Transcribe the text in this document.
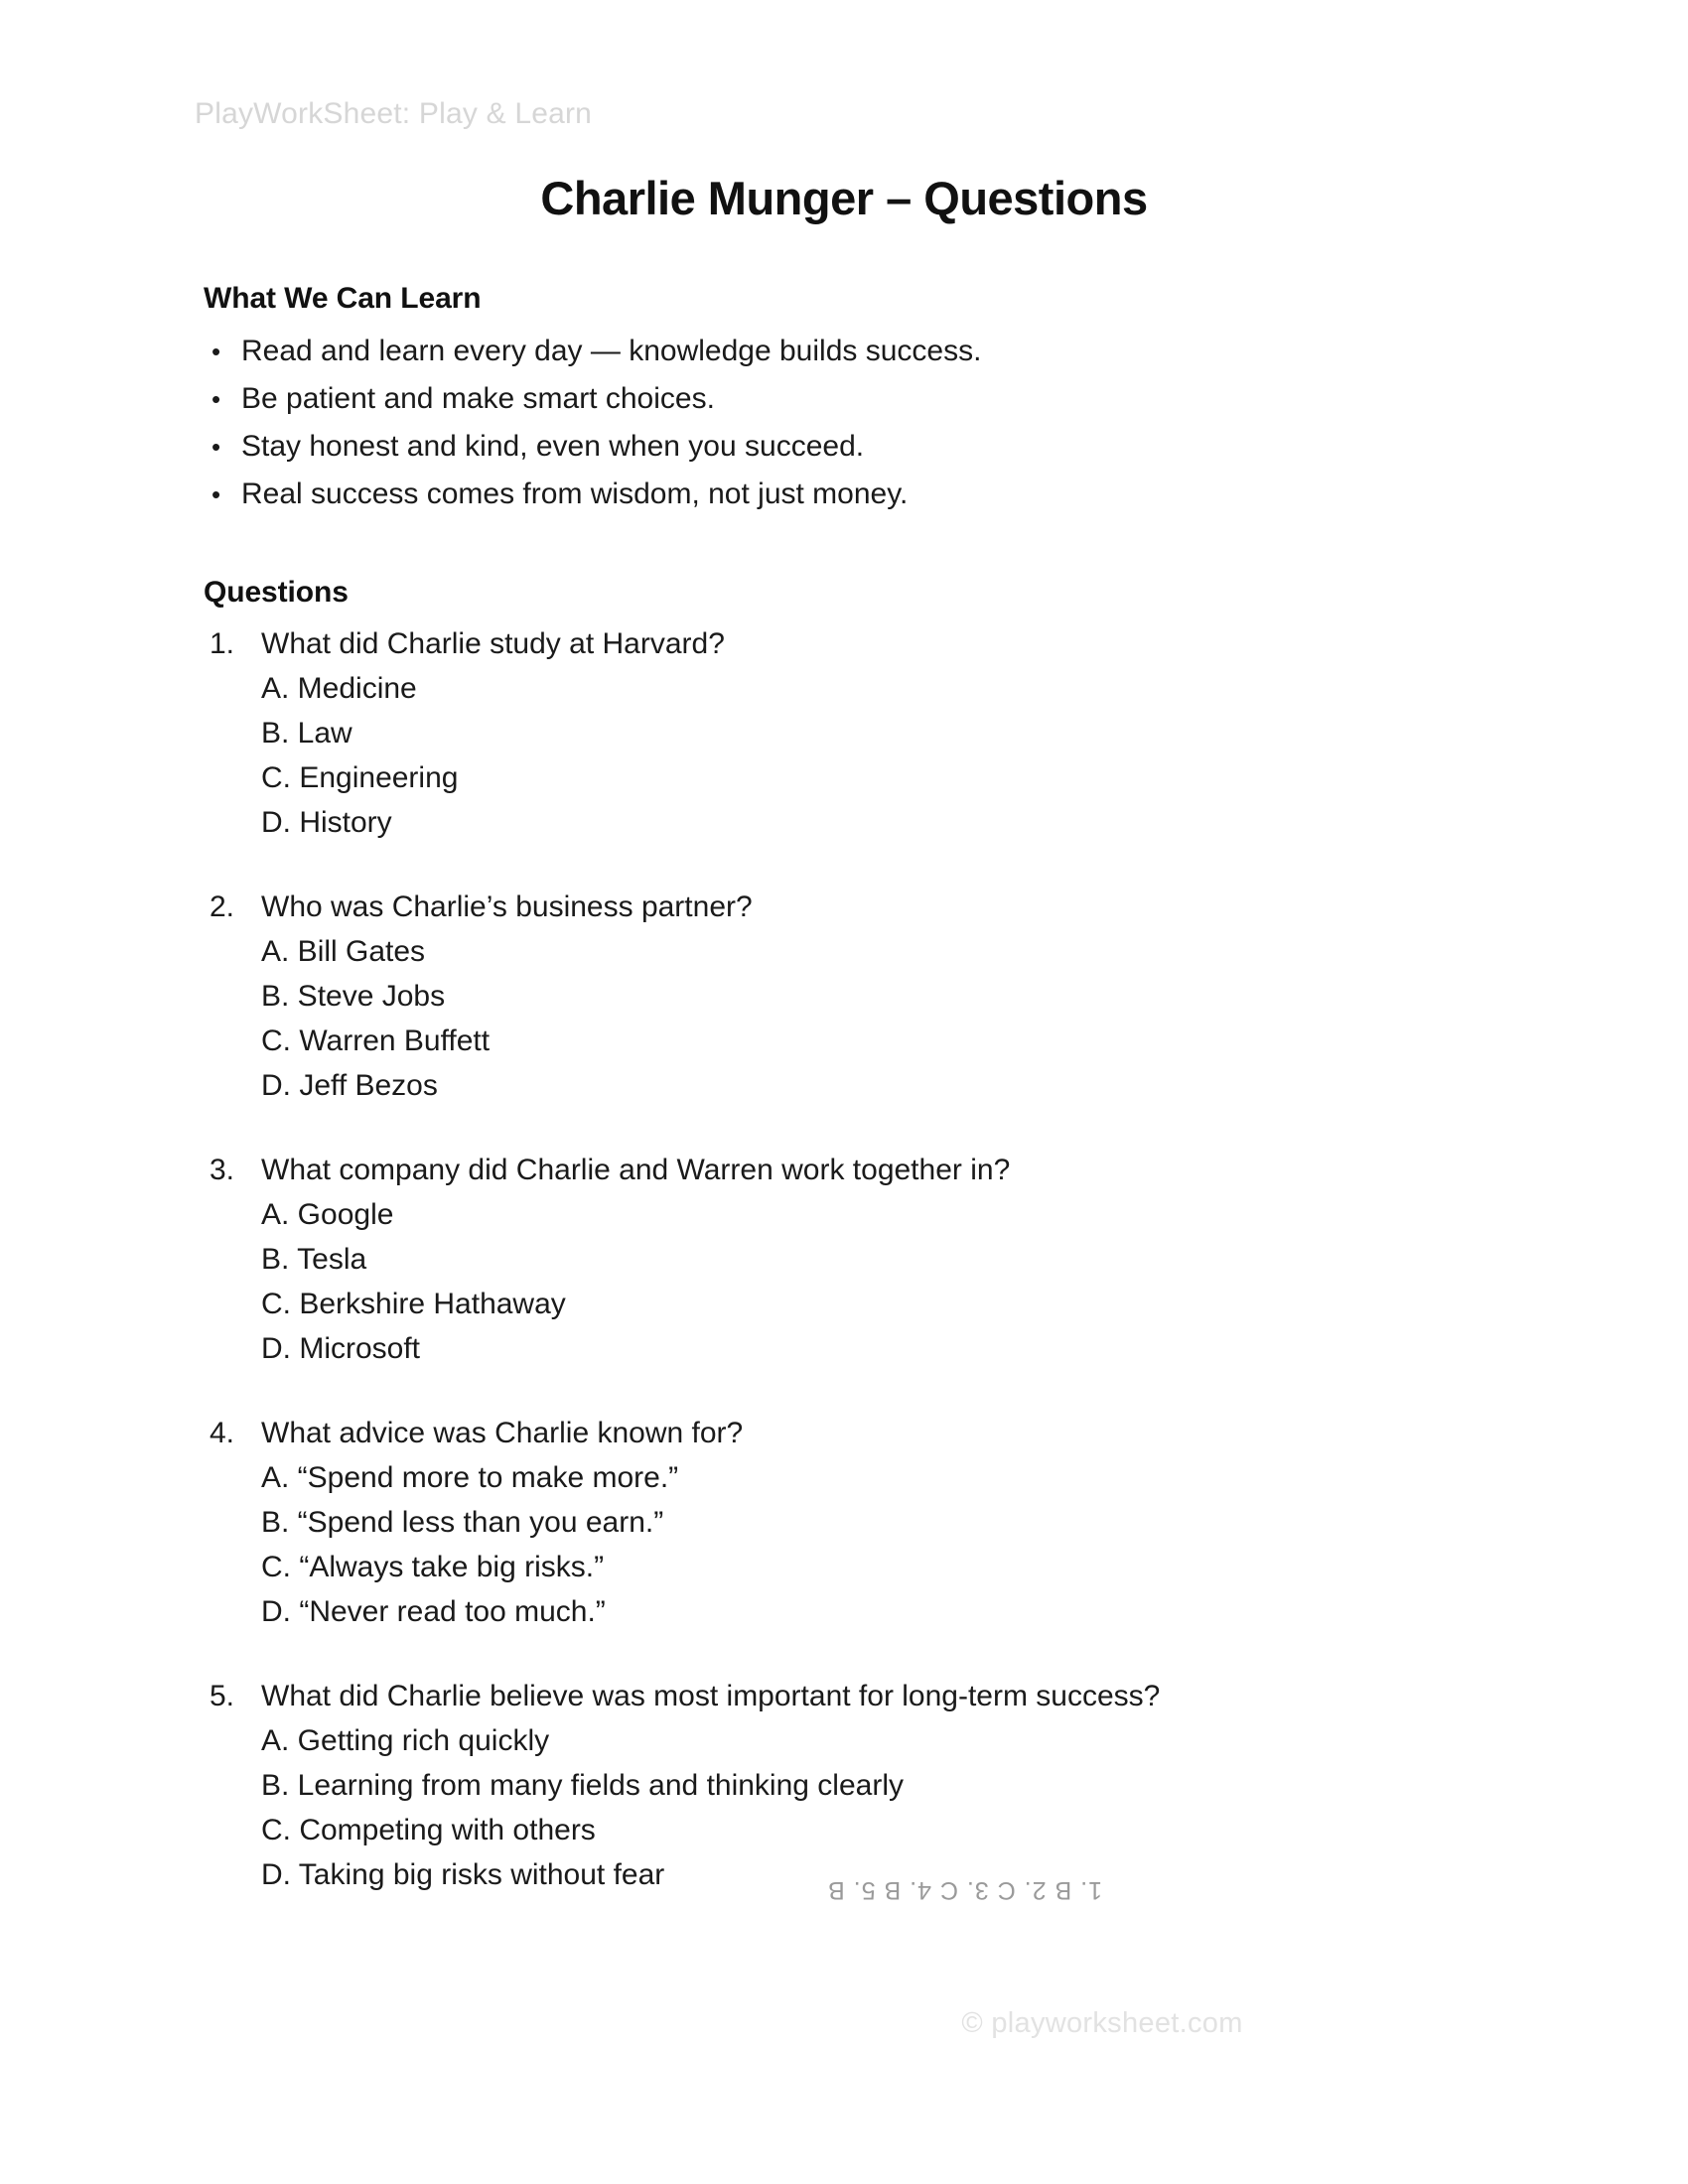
PlayWorkSheet: Play & Learn
Charlie Munger – Questions
What We Can Learn
• Read and learn every day — knowledge builds success.
• Be patient and make smart choices.
• Stay honest and kind, even when you succeed.
• Real success comes from wisdom, not just money.
Questions
1. What did Charlie study at Harvard?
A. Medicine
B. Law
C. Engineering
D. History
2. Who was Charlie’s business partner?
A. Bill Gates
B. Steve Jobs
C. Warren Buffett
D. Jeff Bezos
3. What company did Charlie and Warren work together in?
A. Google
B. Tesla
C. Berkshire Hathaway
D. Microsoft
4. What advice was Charlie known for?
A. “Spend more to make more.”
B. “Spend less than you earn.”
C. “Always take big risks.”
D. “Never read too much.”
5. What did Charlie believe was most important for long-term success?
A. Getting rich quickly
B. Learning from many fields and thinking clearly
C. Competing with others
D. Taking big risks without fear	1. B 2. C 3. C 4. B 5. B
© playworksheet.com
